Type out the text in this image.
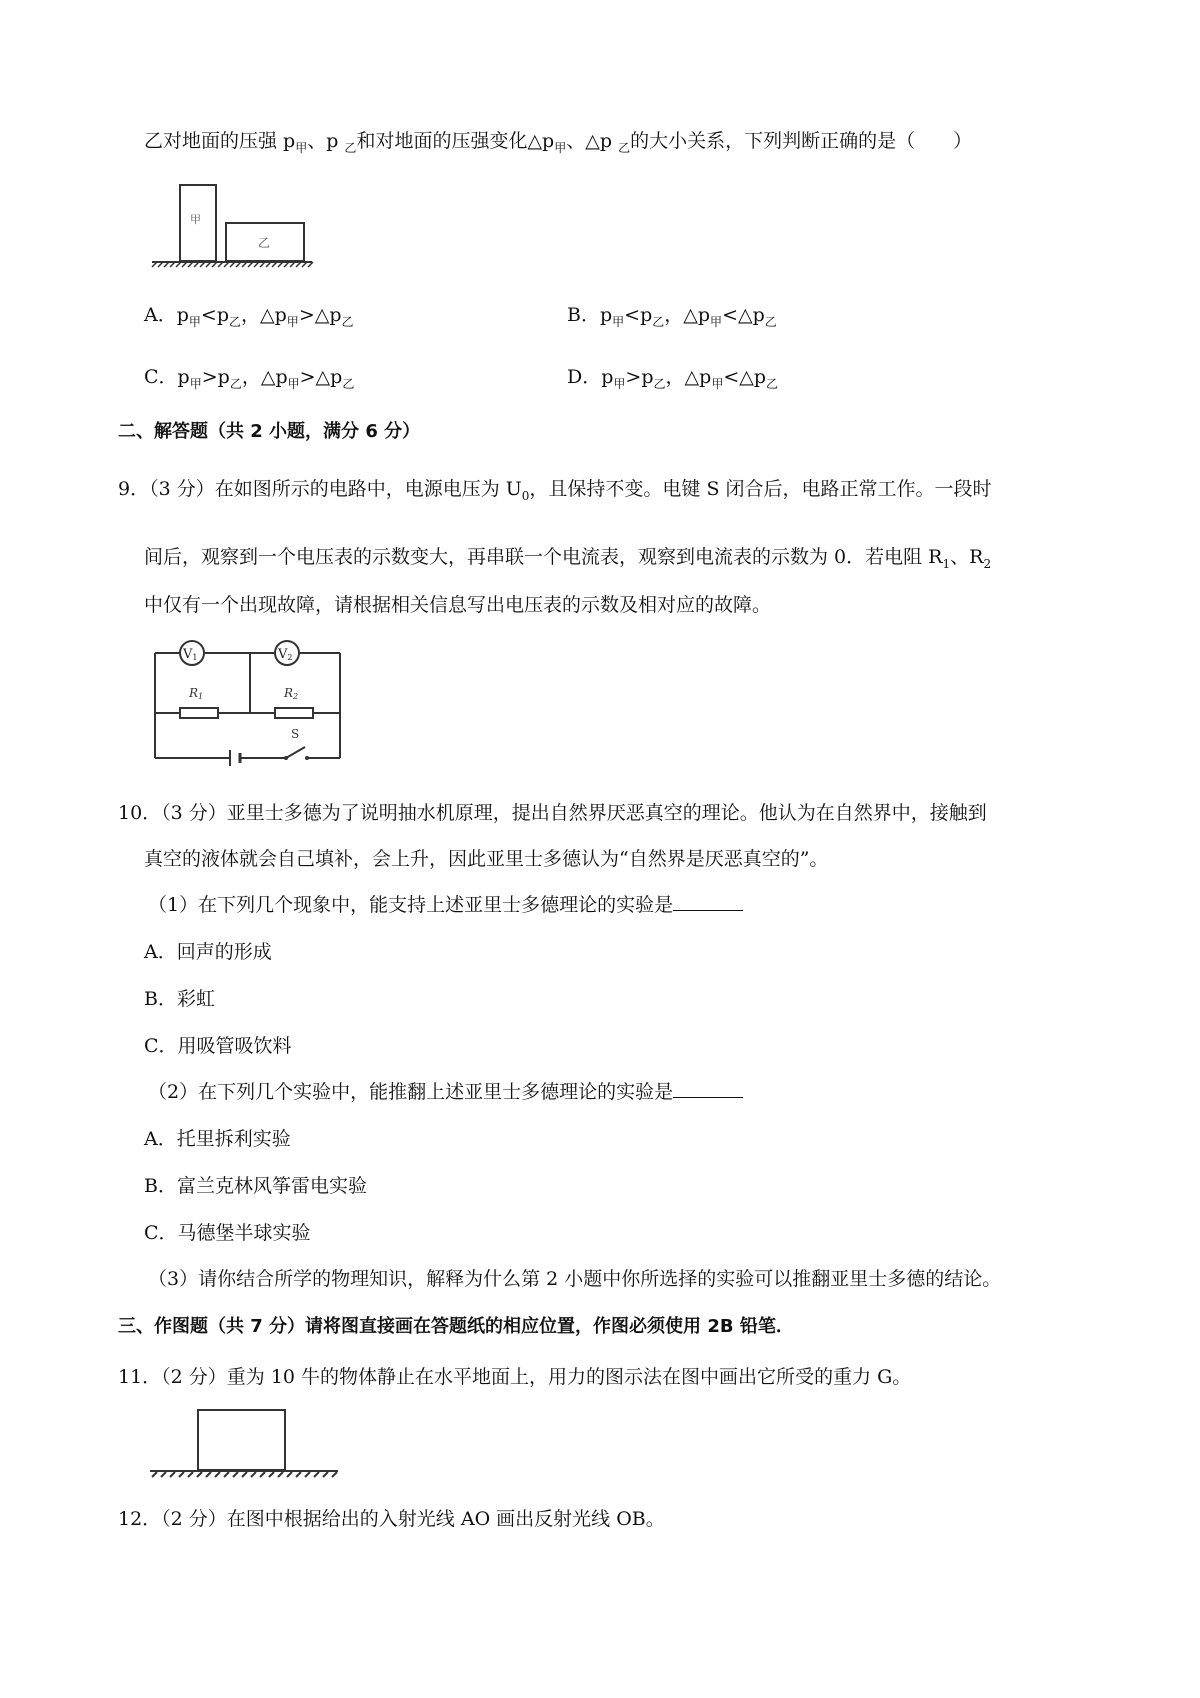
乙对地面的压强 $p_甲$、p $_乙$和对地面的压强变化$\triangle p_甲$、△p $_乙$的大小关系，下列判断正确的是（　　）
甲
乙
A．$p_甲<p_乙$，$\triangle p_甲>\triangle p_乙$	B．$p_甲<p_乙$，$\triangle p_甲<\triangle p_乙$
C．$p_甲>p_乙$，$\triangle p_甲>\triangle p_乙$	D．$p_甲>p_乙$，$\triangle p_甲<\triangle p_乙$
二、解答题（共 2 小题，满分 6 分）
9．（3 分）在如图所示的电路中，电源电压为 $U_0$，且保持不变。电键 S 闭合后，电路正常工作。一段时
间后，观察到一个电压表的示数变大，再串联一个电流表，观察到电流表的示数为 0．若电阻 $R_1$、$R_2$
中仅有一个出现故障，请根据相关信息写出电压表的示数及相对应的故障。
V1	V2
R1	R2
S
10．（3 分）亚里士多德为了说明抽水机原理，提出自然界厌恶真空的理论。他认为在自然界中，接触到
真空的液体就会自己填补，会上升，因此亚里士多德认为“自然界是厌恶真空的”。
（1）在下列几个现象中，能支持上述亚里士多德理论的实验是
A．回声的形成
B．彩虹
C．用吸管吸饮料
（2）在下列几个实验中，能推翻上述亚里士多德理论的实验是
A．托里拆利实验
B．富兰克林风筝雷电实验
C．马德堡半球实验
（3）请你结合所学的物理知识，解释为什么第 2 小题中你所选择的实验可以推翻亚里士多德的结论。
三、作图题（共 7 分）请将图直接画在答题纸的相应位置，作图必须使用 2B 铅笔．
11．（2 分）重为 10 牛的物体静止在水平地面上，用力的图示法在图中画出它所受的重力 G。
12．（2 分）在图中根据给出的入射光线 AO 画出反射光线 OB。
